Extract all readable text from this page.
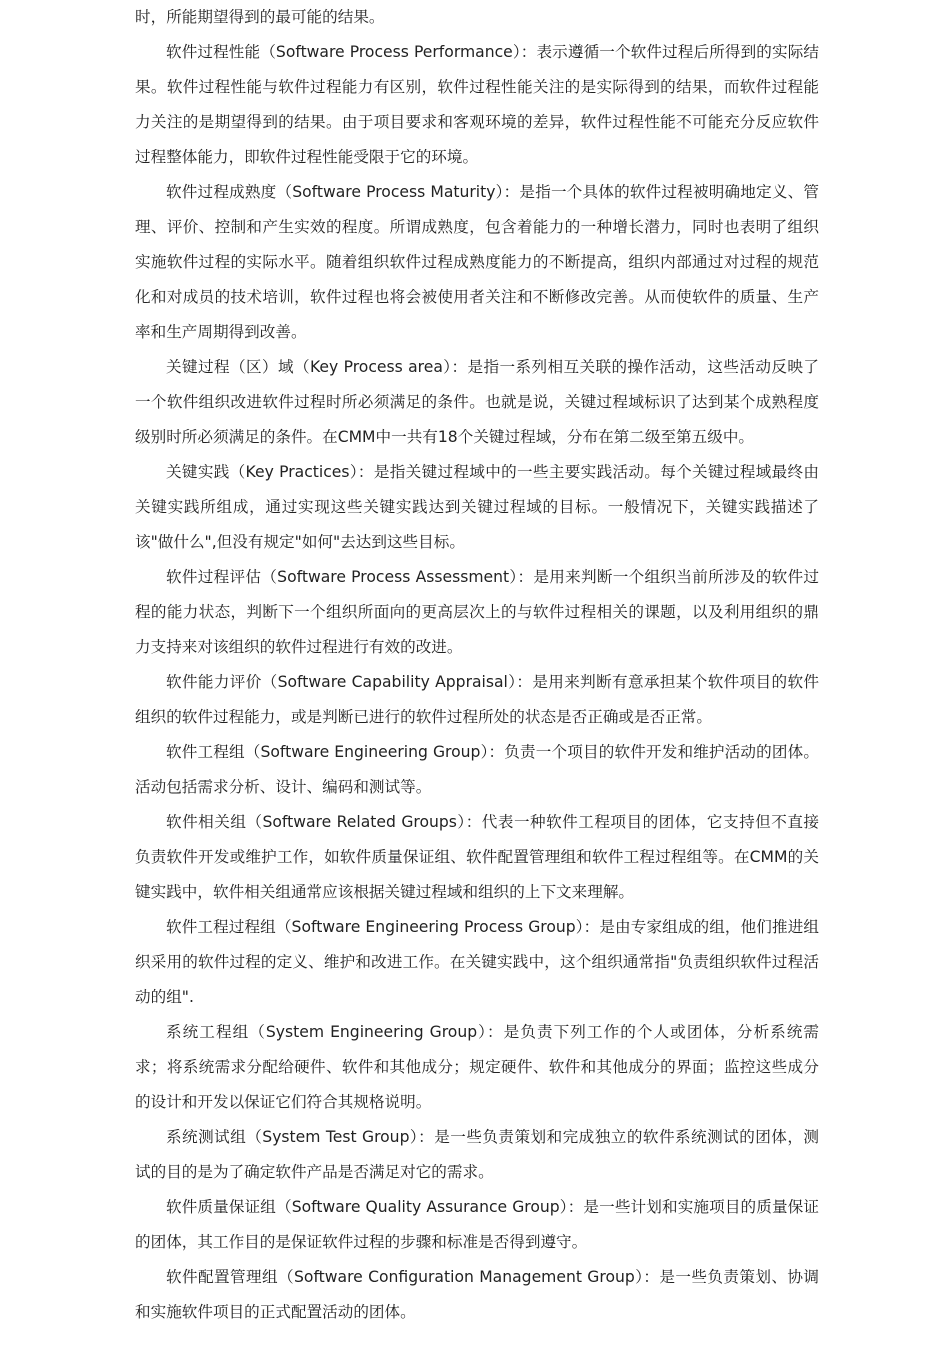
时，所能期望得到的最可能的结果。

软件过程性能（Software Process Performance）：表示遵循一个软件过程后所得到的实际结果。软件过程性能与软件过程能力有区别，软件过程性能关注的是实际得到的结果，而软件过程能力关注的是期望得到的结果。由于项目要求和客观环境的差异，软件过程性能不可能充分反应软件过程整体能力，即软件过程性能受限于它的环境。

软件过程成熟度（Software Process Maturity）：是指一个具体的软件过程被明确地定义、管理、评价、控制和产生实效的程度。所谓成熟度，包含着能力的一种增长潜力，同时也表明了组织实施软件过程的实际水平。随着组织软件过程成熟度能力的不断提高，组织内部通过对过程的规范化和对成员的技术培训，软件过程也将会被使用者关注和不断修改完善。从而使软件的质量、生产率和生产周期得到改善。

关键过程（区）域（Key Process area）：是指一系列相互关联的操作活动，这些活动反映了一个软件组织改进软件过程时所必须满足的条件。也就是说，关键过程域标识了达到某个成熟程度级别时所必须满足的条件。在CMM中一共有18个关键过程域，分布在第二级至第五级中。

关键实践（Key Practices）：是指关键过程域中的一些主要实践活动。每个关键过程域最终由关键实践所组成，通过实现这些关键实践达到关键过程域的目标。一般情况下，关键实践描述了该"做什么",但没有规定"如何"去达到这些目标。

软件过程评估（Software Process Assessment）：是用来判断一个组织当前所涉及的软件过程的能力状态，判断下一个组织所面向的更高层次上的与软件过程相关的课题，以及利用组织的鼎力支持来对该组织的软件过程进行有效的改进。

软件能力评价（Software Capability Appraisal）：是用来判断有意承担某个软件项目的软件组织的软件过程能力，或是判断已进行的软件过程所处的状态是否正确或是否正常。

软件工程组（Software Engineering Group）：负责一个项目的软件开发和维护活动的团体。活动包括需求分析、设计、编码和测试等。

软件相关组（Software Related Groups）：代表一种软件工程项目的团体，它支持但不直接负责软件开发或维护工作，如软件质量保证组、软件配置管理组和软件工程过程组等。在CMM的关键实践中，软件相关组通常应该根据关键过程域和组织的上下文来理解。

软件工程过程组（Software Engineering Process Group）：是由专家组成的组，他们推进组织采用的软件过程的定义、维护和改进工作。在关键实践中，这个组织通常指"负责组织软件过程活动的组".

系统工程组（System Engineering Group）：是负责下列工作的个人或团体，分析系统需求；将系统需求分配给硬件、软件和其他成分；规定硬件、软件和其他成分的界面；监控这些成分的设计和开发以保证它们符合其规格说明。

系统测试组（System Test Group）：是一些负责策划和完成独立的软件系统测试的团体，测试的目的是为了确定软件产品是否满足对它的需求。

软件质量保证组（Software Quality Assurance Group）：是一些计划和实施项目的质量保证的团体，其工作目的是保证软件过程的步骤和标准是否得到遵守。

软件配置管理组（Software Configuration Management Group）：是一些负责策划、协调和实施软件项目的正式配置活动的团体。
